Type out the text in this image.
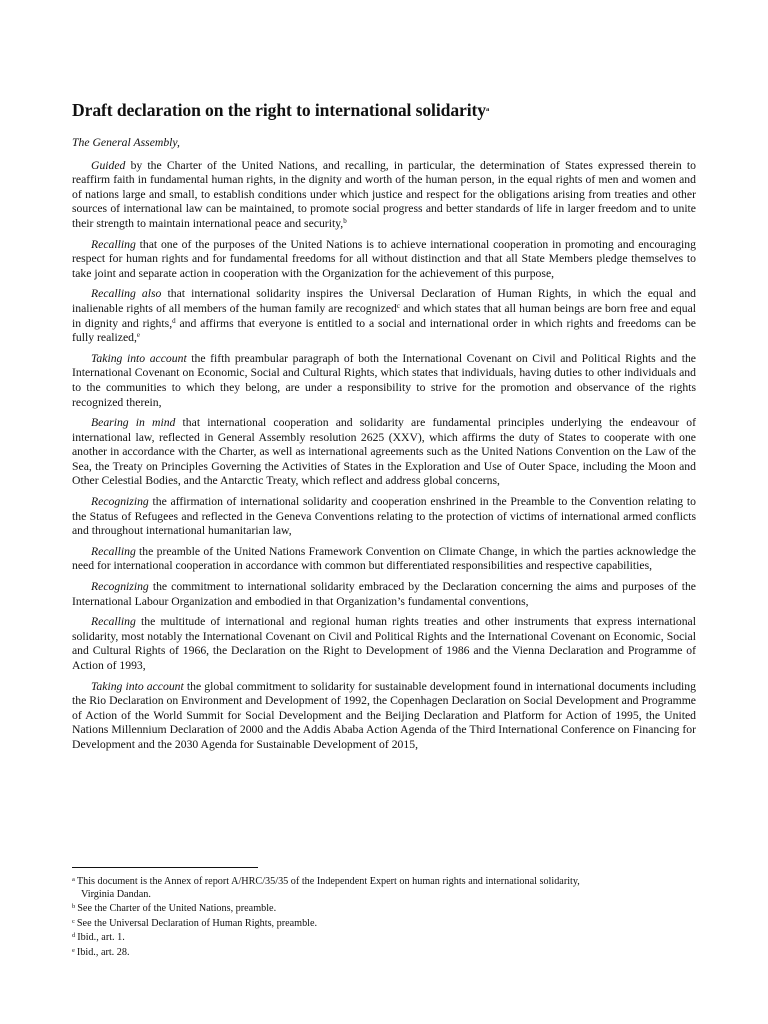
Draft declaration on the right to international solidarity$^a$
The General Assembly,

Guided by the Charter of the United Nations, and recalling, in particular, the determination of States expressed therein to reaffirm faith in fundamental human rights, in the dignity and worth of the human person, in the equal rights of men and women and of nations large and small, to establish conditions under which justice and respect for the obligations arising from treaties and other sources of international law can be maintained, to promote social progress and better standards of life in larger freedom and to unite their strength to maintain international peace and security,$^b$

Recalling that one of the purposes of the United Nations is to achieve international cooperation in promoting and encouraging respect for human rights and for fundamental freedoms for all without distinction and that all State Members pledge themselves to take joint and separate action in cooperation with the Organization for the achievement of this purpose,

Recalling also that international solidarity inspires the Universal Declaration of Human Rights, in which the equal and inalienable rights of all members of the human family are recognized$^c$ and which states that all human beings are born free and equal in dignity and rights,$^d$ and affirms that everyone is entitled to a social and international order in which rights and freedoms can be fully realized,$^e$

Taking into account the fifth preambular paragraph of both the International Covenant on Civil and Political Rights and the International Covenant on Economic, Social and Cultural Rights, which states that individuals, having duties to other individuals and to the communities to which they belong, are under a responsibility to strive for the promotion and observance of the rights recognized therein,

Bearing in mind that international cooperation and solidarity are fundamental principles underlying the endeavour of international law, reflected in General Assembly resolution 2625 (XXV), which affirms the duty of States to cooperate with one another in accordance with the Charter, as well as international agreements such as the United Nations Convention on the Law of the Sea, the Treaty on Principles Governing the Activities of States in the Exploration and Use of Outer Space, including the Moon and Other Celestial Bodies, and the Antarctic Treaty, which reflect and address global concerns,

Recognizing the affirmation of international solidarity and cooperation enshrined in the Preamble to the Convention relating to the Status of Refugees and reflected in the Geneva Conventions relating to the protection of victims of international armed conflicts and throughout international humanitarian law,

Recalling the preamble of the United Nations Framework Convention on Climate Change, in which the parties acknowledge the need for international cooperation in accordance with common but differentiated responsibilities and respective capabilities,

Recognizing the commitment to international solidarity embraced by the Declaration concerning the aims and purposes of the International Labour Organization and embodied in that Organization’s fundamental conventions,

Recalling the multitude of international and regional human rights treaties and other instruments that express international solidarity, most notably the International Covenant on Civil and Political Rights and the International Covenant on Economic, Social and Cultural Rights of 1966, the Declaration on the Right to Development of 1986 and the Vienna Declaration and Programme of Action of 1993,

Taking into account the global commitment to solidarity for sustainable development found in international documents including the Rio Declaration on Environment and Development of 1992, the Copenhagen Declaration on Social Development and Programme of Action of the World Summit for Social Development and the Beijing Declaration and Platform for Action of 1995, the United Nations Millennium Declaration of 2000 and the Addis Ababa Action Agenda of the Third International Conference on Financing for Development and the 2030 Agenda for Sustainable Development of 2015,

$^a$ This document is the Annex of report A/HRC/35/35 of the Independent Expert on human rights and international solidarity,
Virginia Dandan.
$^b$ See the Charter of the United Nations, preamble.
$^c$ See the Universal Declaration of Human Rights, preamble.
$^d$ Ibid., art. 1.
$^e$ Ibid., art. 28.
